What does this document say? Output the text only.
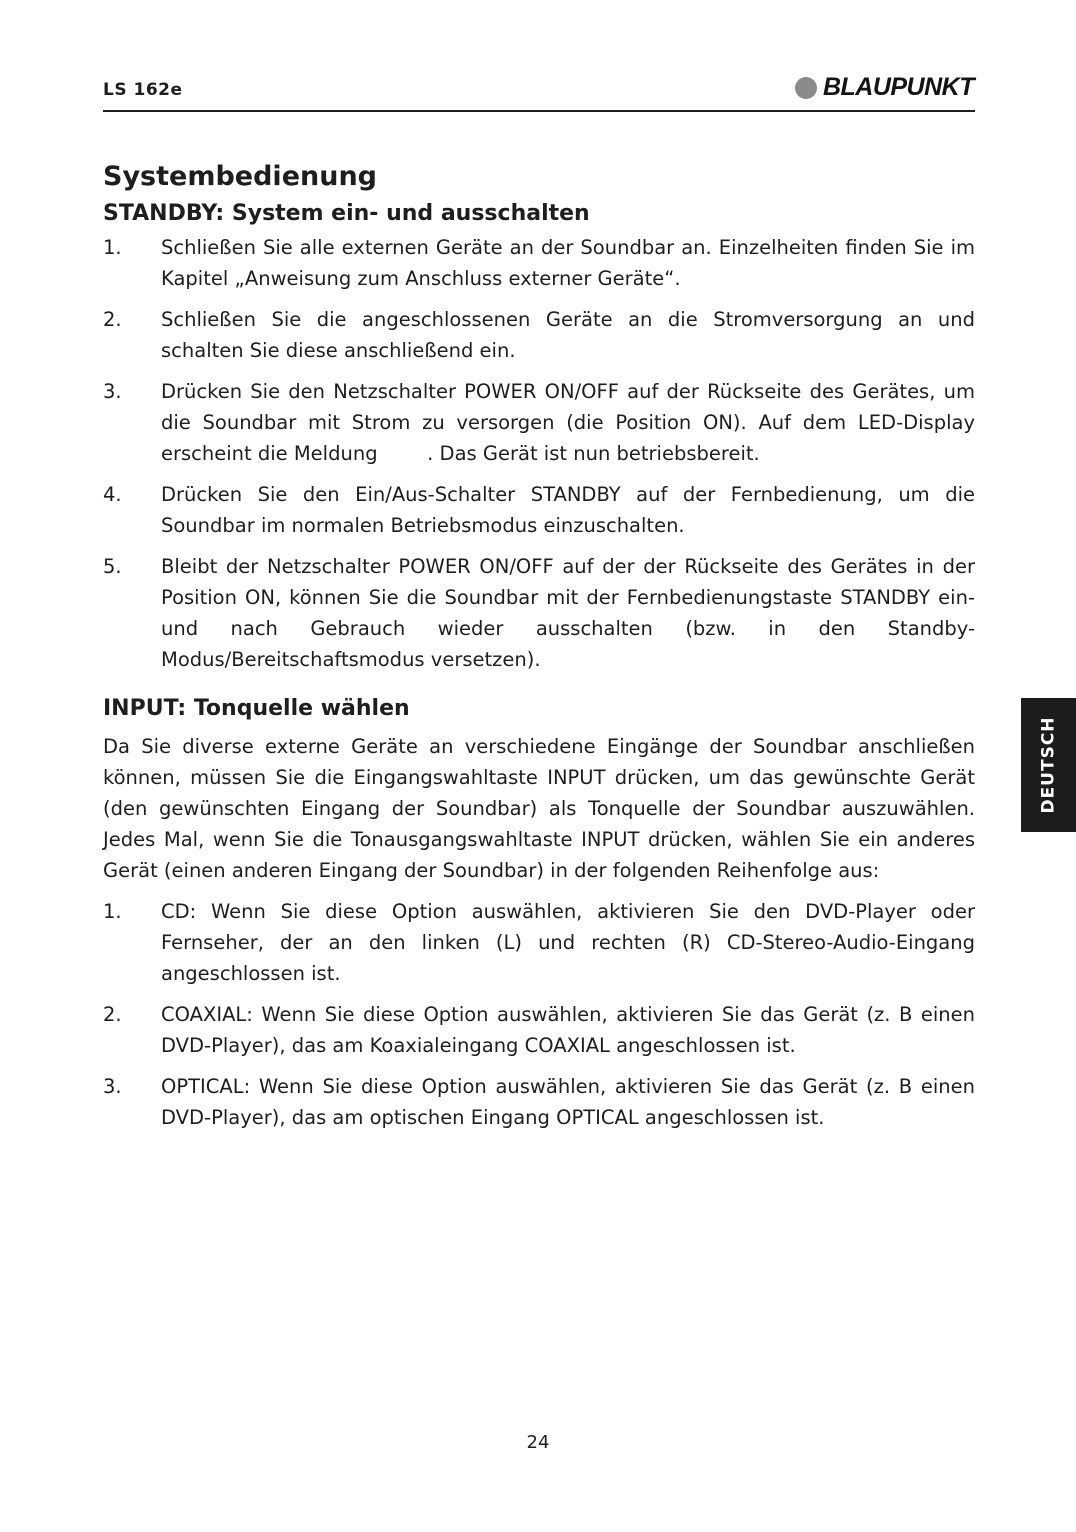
LS 162e	BLAUPUNKT
Systembedienung
STANDBY: System ein- und ausschalten
1.	Schließen Sie alle externen Geräte an der Soundbar an. Einzelheiten finden Sie im Kapitel „Anweisung zum Anschluss externer Geräte“.
2.	Schließen Sie die angeschlossenen Geräte an die Stromversorgung an und schalten Sie diese anschließend ein.
3.	Drücken Sie den Netzschalter POWER ON/OFF auf der Rückseite des Gerätes, um die Soundbar mit Strom zu versorgen (die Position ON). Auf dem LED-Display erscheint die Meldung        . Das Gerät ist nun betriebsbereit.
4.	Drücken Sie den Ein/Aus-Schalter STANDBY auf der Fernbedienung, um die Soundbar im normalen Betriebsmodus einzuschalten.
5.	Bleibt der Netzschalter POWER ON/OFF auf der der Rückseite des Gerätes in der Position ON, können Sie die Soundbar mit der Fernbedienungstaste STANDBY ein- und nach Gebrauch wieder ausschalten (bzw. in den Standby-Modus/Bereitschaftsmodus versetzen).
INPUT: Tonquelle wählen

Da Sie diverse externe Geräte an verschiedene Eingänge der Soundbar anschließen können, müssen Sie die Eingangswahltaste INPUT drücken, um das gewünschte Gerät (den gewünschten Eingang der Soundbar) als Tonquelle der Soundbar auszuwählen. Jedes Mal, wenn Sie die Tonausgangswahltaste INPUT drücken, wählen Sie ein anderes Gerät (einen anderen Eingang der Soundbar) in der folgenden Reihenfolge aus:

1.	CD: Wenn Sie diese Option auswählen, aktivieren Sie den DVD-Player oder Fernseher, der an den linken (L) und rechten (R) CD-Stereo-Audio-Eingang angeschlossen ist.
2.	COAXIAL: Wenn Sie diese Option auswählen, aktivieren Sie das Gerät (z. B einen DVD-Player), das am Koaxialeingang COAXIAL angeschlossen ist.
3.	OPTICAL: Wenn Sie diese Option auswählen, aktivieren Sie das Gerät (z. B einen DVD-Player), das am optischen Eingang OPTICAL angeschlossen ist.
DEUTSCH
24
